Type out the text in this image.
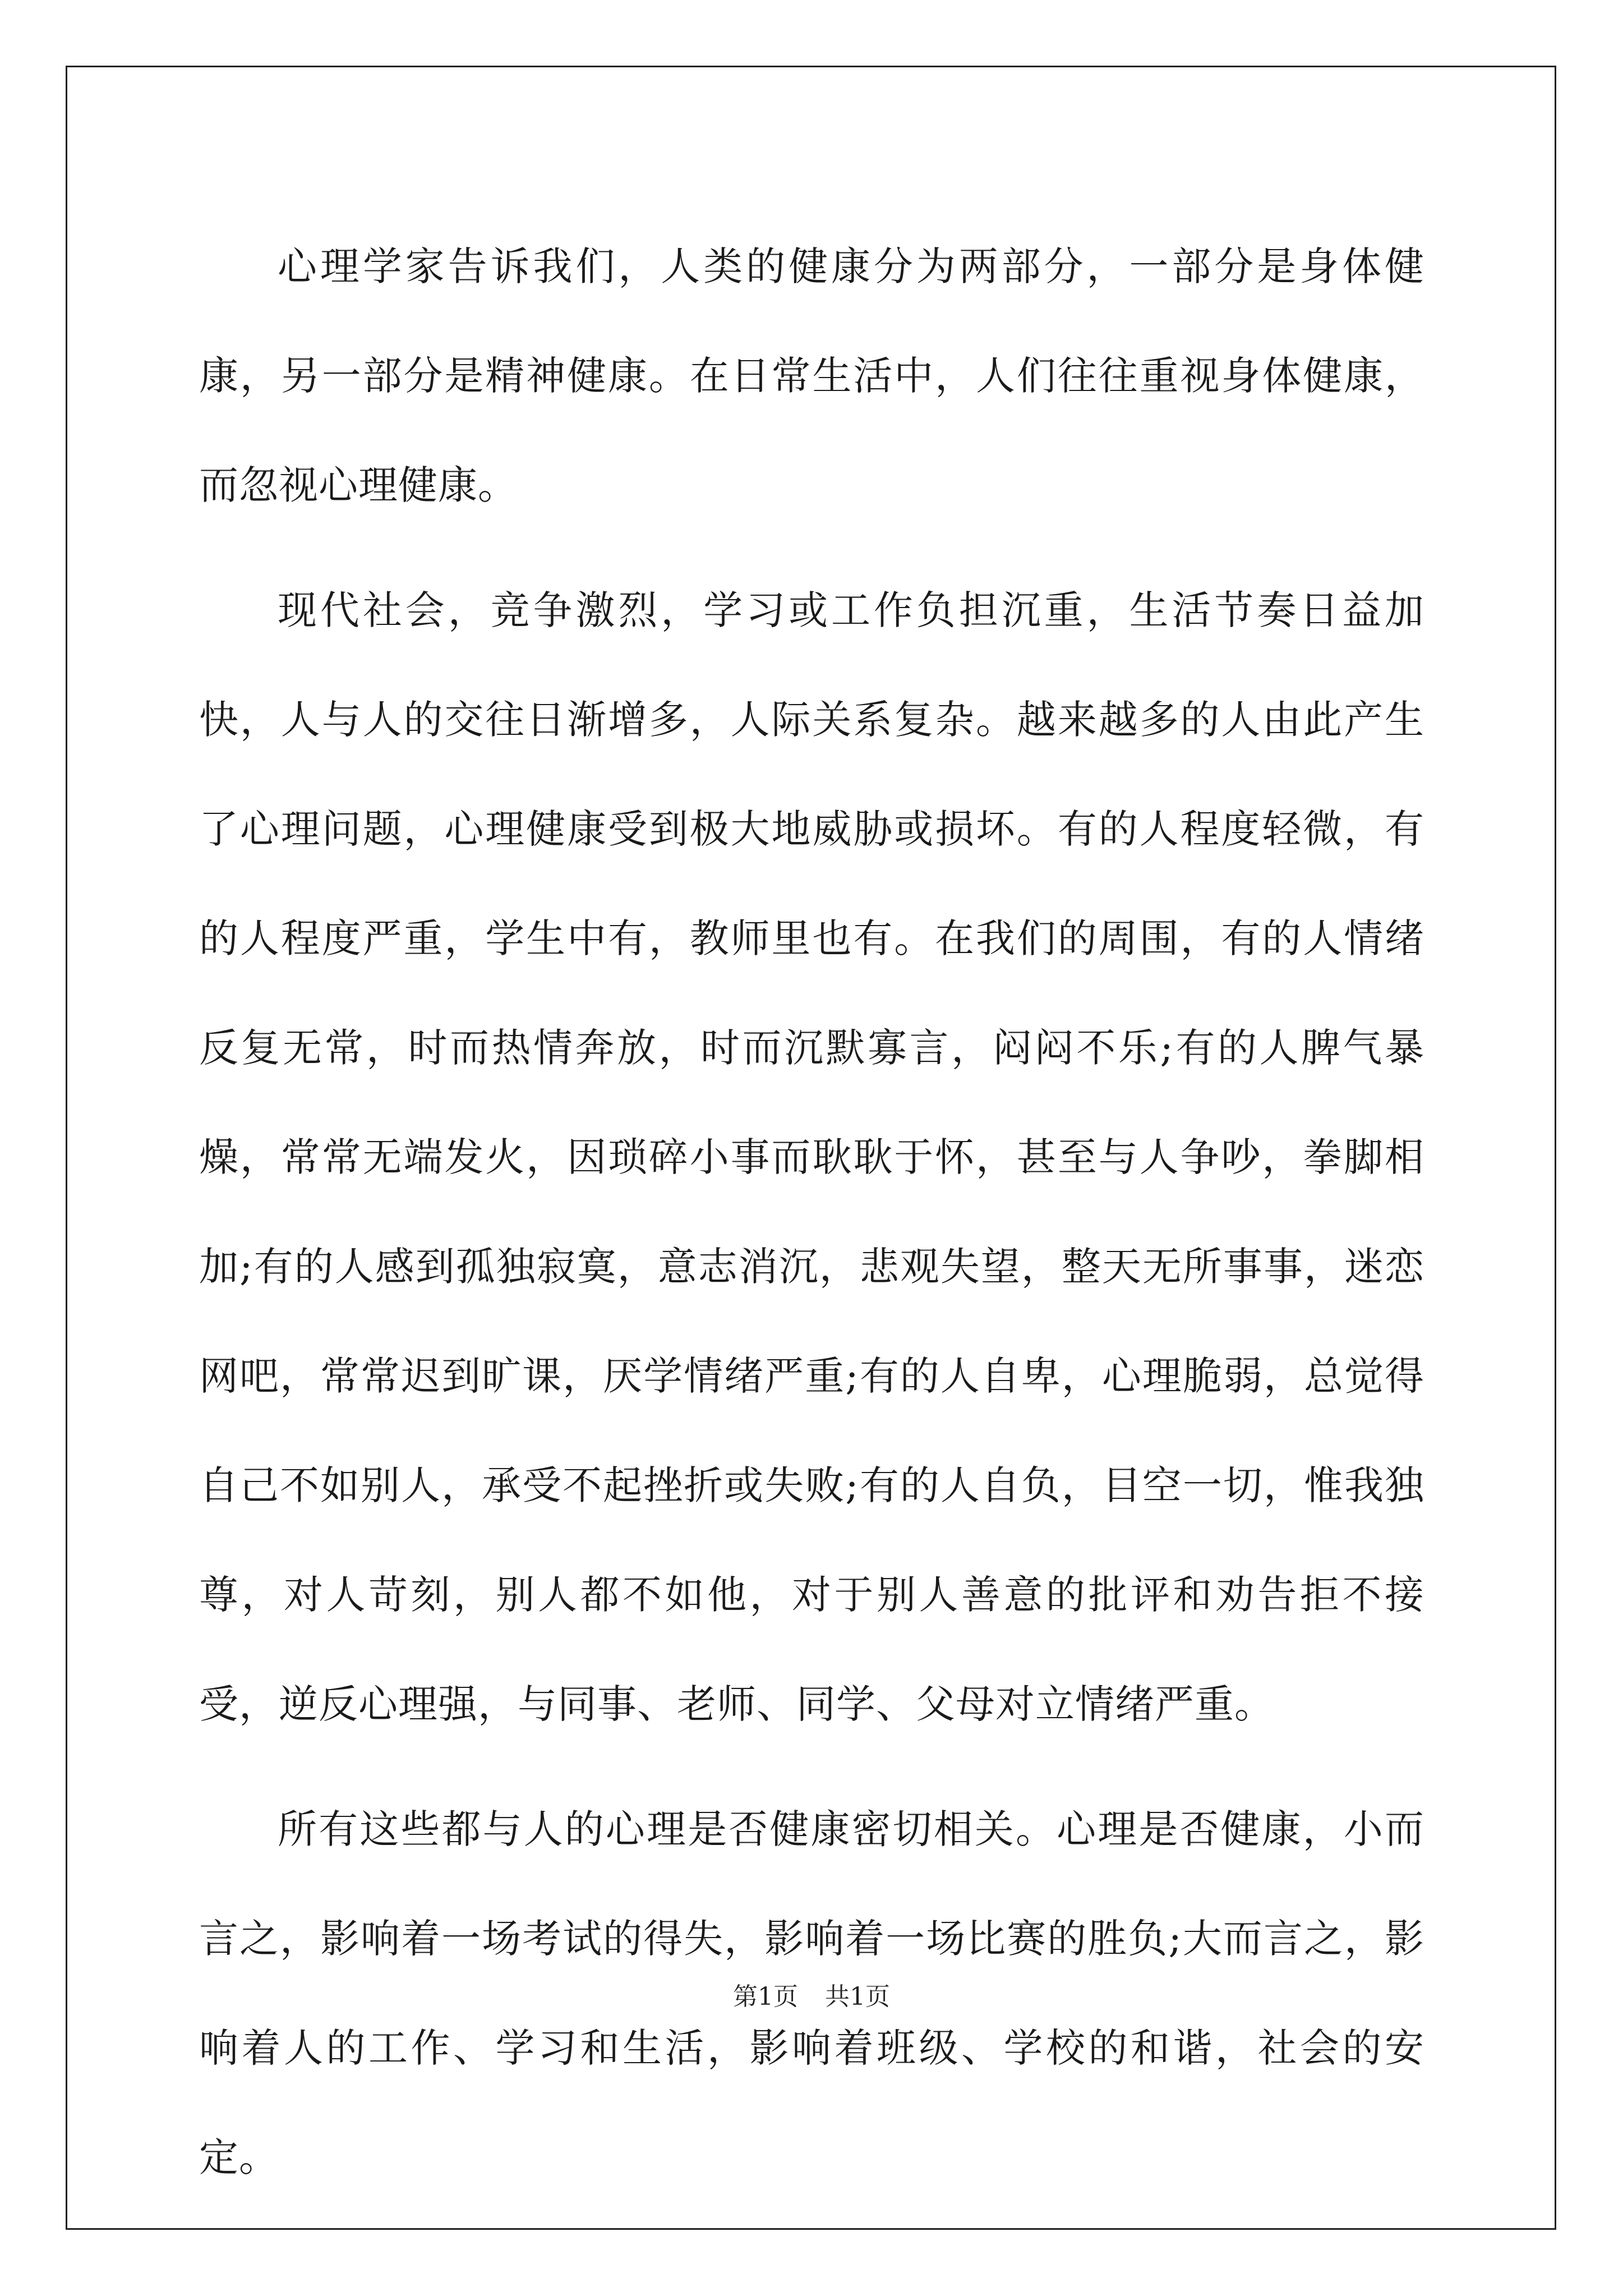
心理学家告诉我们，人类的健康分为两部分，一部分是身体健康，另一部分是精神健康。在日常生活中，人们往往重视身体健康，而忽视心理健康。

现代社会，竞争激烈，学习或工作负担沉重，生活节奏日益加快，人与人的交往日渐增多，人际关系复杂。越来越多的人由此产生了心理问题，心理健康受到极大地威胁或损坏。有的人程度轻微，有的人程度严重，学生中有，教师里也有。在我们的周围，有的人情绪反复无常，时而热情奔放，时而沉默寡言，闷闷不乐;有的人脾气暴燥，常常无端发火，因琐碎小事而耿耿于怀，甚至与人争吵，拳脚相加;有的人感到孤独寂寞，意志消沉，悲观失望，整天无所事事，迷恋网吧，常常迟到旷课，厌学情绪严重;有的人自卑，心理脆弱，总觉得自己不如别人，承受不起挫折或失败;有的人自负，目空一切，惟我独尊，对人苛刻，别人都不如他，对于别人善意的批评和劝告拒不接受，逆反心理强，与同事、老师、同学、父母对立情绪严重。

所有这些都与人的心理是否健康密切相关。心理是否健康，小而言之，影响着一场考试的得失，影响着一场比赛的胜负;大而言之，影响着人的工作、学习和生活，影响着班级、学校的和谐，社会的安定。

第1页 共1页
